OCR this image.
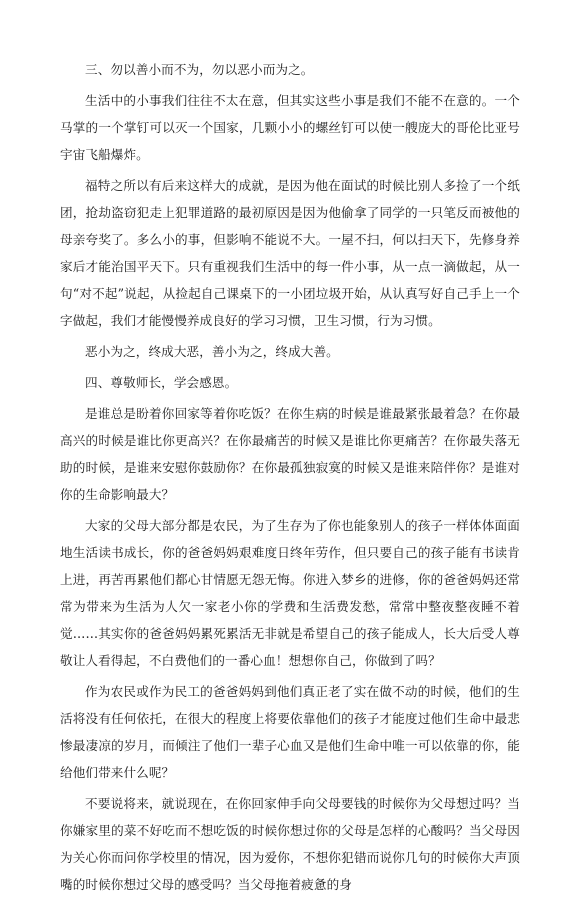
三、勿以善小而不为，勿以恶小而为之。

生活中的小事我们往往不太在意，但其实这些小事是我们不能不在意的。一个马掌的一个掌钉可以灭一个国家，几颗小小的螺丝钉可以使一艘庞大的哥伦比亚号宇宙飞船爆炸。

福特之所以有后来这样大的成就，是因为他在面试的时候比别人多捡了一个纸团，抢劫盗窃犯走上犯罪道路的最初原因是因为他偷拿了同学的一只笔反而被他的母亲夸奖了。多么小的事，但影响不能说不大。一屋不扫，何以扫天下，先修身养家后才能治国平天下。只有重视我们生活中的每一件小事，从一点一滴做起，从一句“对不起”说起，从捡起自己课桌下的一小团垃圾开始，从认真写好自己手上一个字做起，我们才能慢慢养成良好的学习习惯，卫生习惯，行为习惯。

恶小为之，终成大恶，善小为之，终成大善。

四、尊敬师长，学会感恩。

是谁总是盼着你回家等着你吃饭？在你生病的时候是谁最紧张最着急？在你最高兴的时候是谁比你更高兴？在你最痛苦的时候又是谁比你更痛苦？在你最失落无助的时候，是谁来安慰你鼓励你？在你最孤独寂寞的时候又是谁来陪伴你？是谁对你的生命影响最大？

大家的父母大部分都是农民，为了生存为了你也能象别人的孩子一样体体面面地生活读书成长，你的爸爸妈妈艰难度日终年劳作，但只要自己的孩子能有书读肯上进，再苦再累他们都心甘情愿无怨无悔。你进入梦乡的进修，你的爸爸妈妈还常常为带来为生活为人欠一家老小你的学费和生活费发愁，常常中整夜整夜睡不着觉……其实你的爸爸妈妈累死累活无非就是希望自己的孩子能成人，长大后受人尊敬让人看得起，不白费他们的一番心血！想想你自己，你做到了吗？

作为农民或作为民工的爸爸妈妈到他们真正老了实在做不动的时候，他们的生活将没有任何依托，在很大的程度上将要依靠他们的孩子才能度过他们生命中最悲惨最凄凉的岁月，而倾注了他们一辈子心血又是他们生命中唯一可以依靠的你，能给他们带来什么呢？

不要说将来，就说现在，在你回家伸手向父母要钱的时候你为父母想过吗？当你嫌家里的菜不好吃而不想吃饭的时候你想过你的父母是怎样的心酸吗？当父母因为关心你而问你学校里的情况，因为爱你，不想你犯错而说你几句的时候你大声顶嘴的时候你想过父母的感受吗？当父母拖着疲惫的身
